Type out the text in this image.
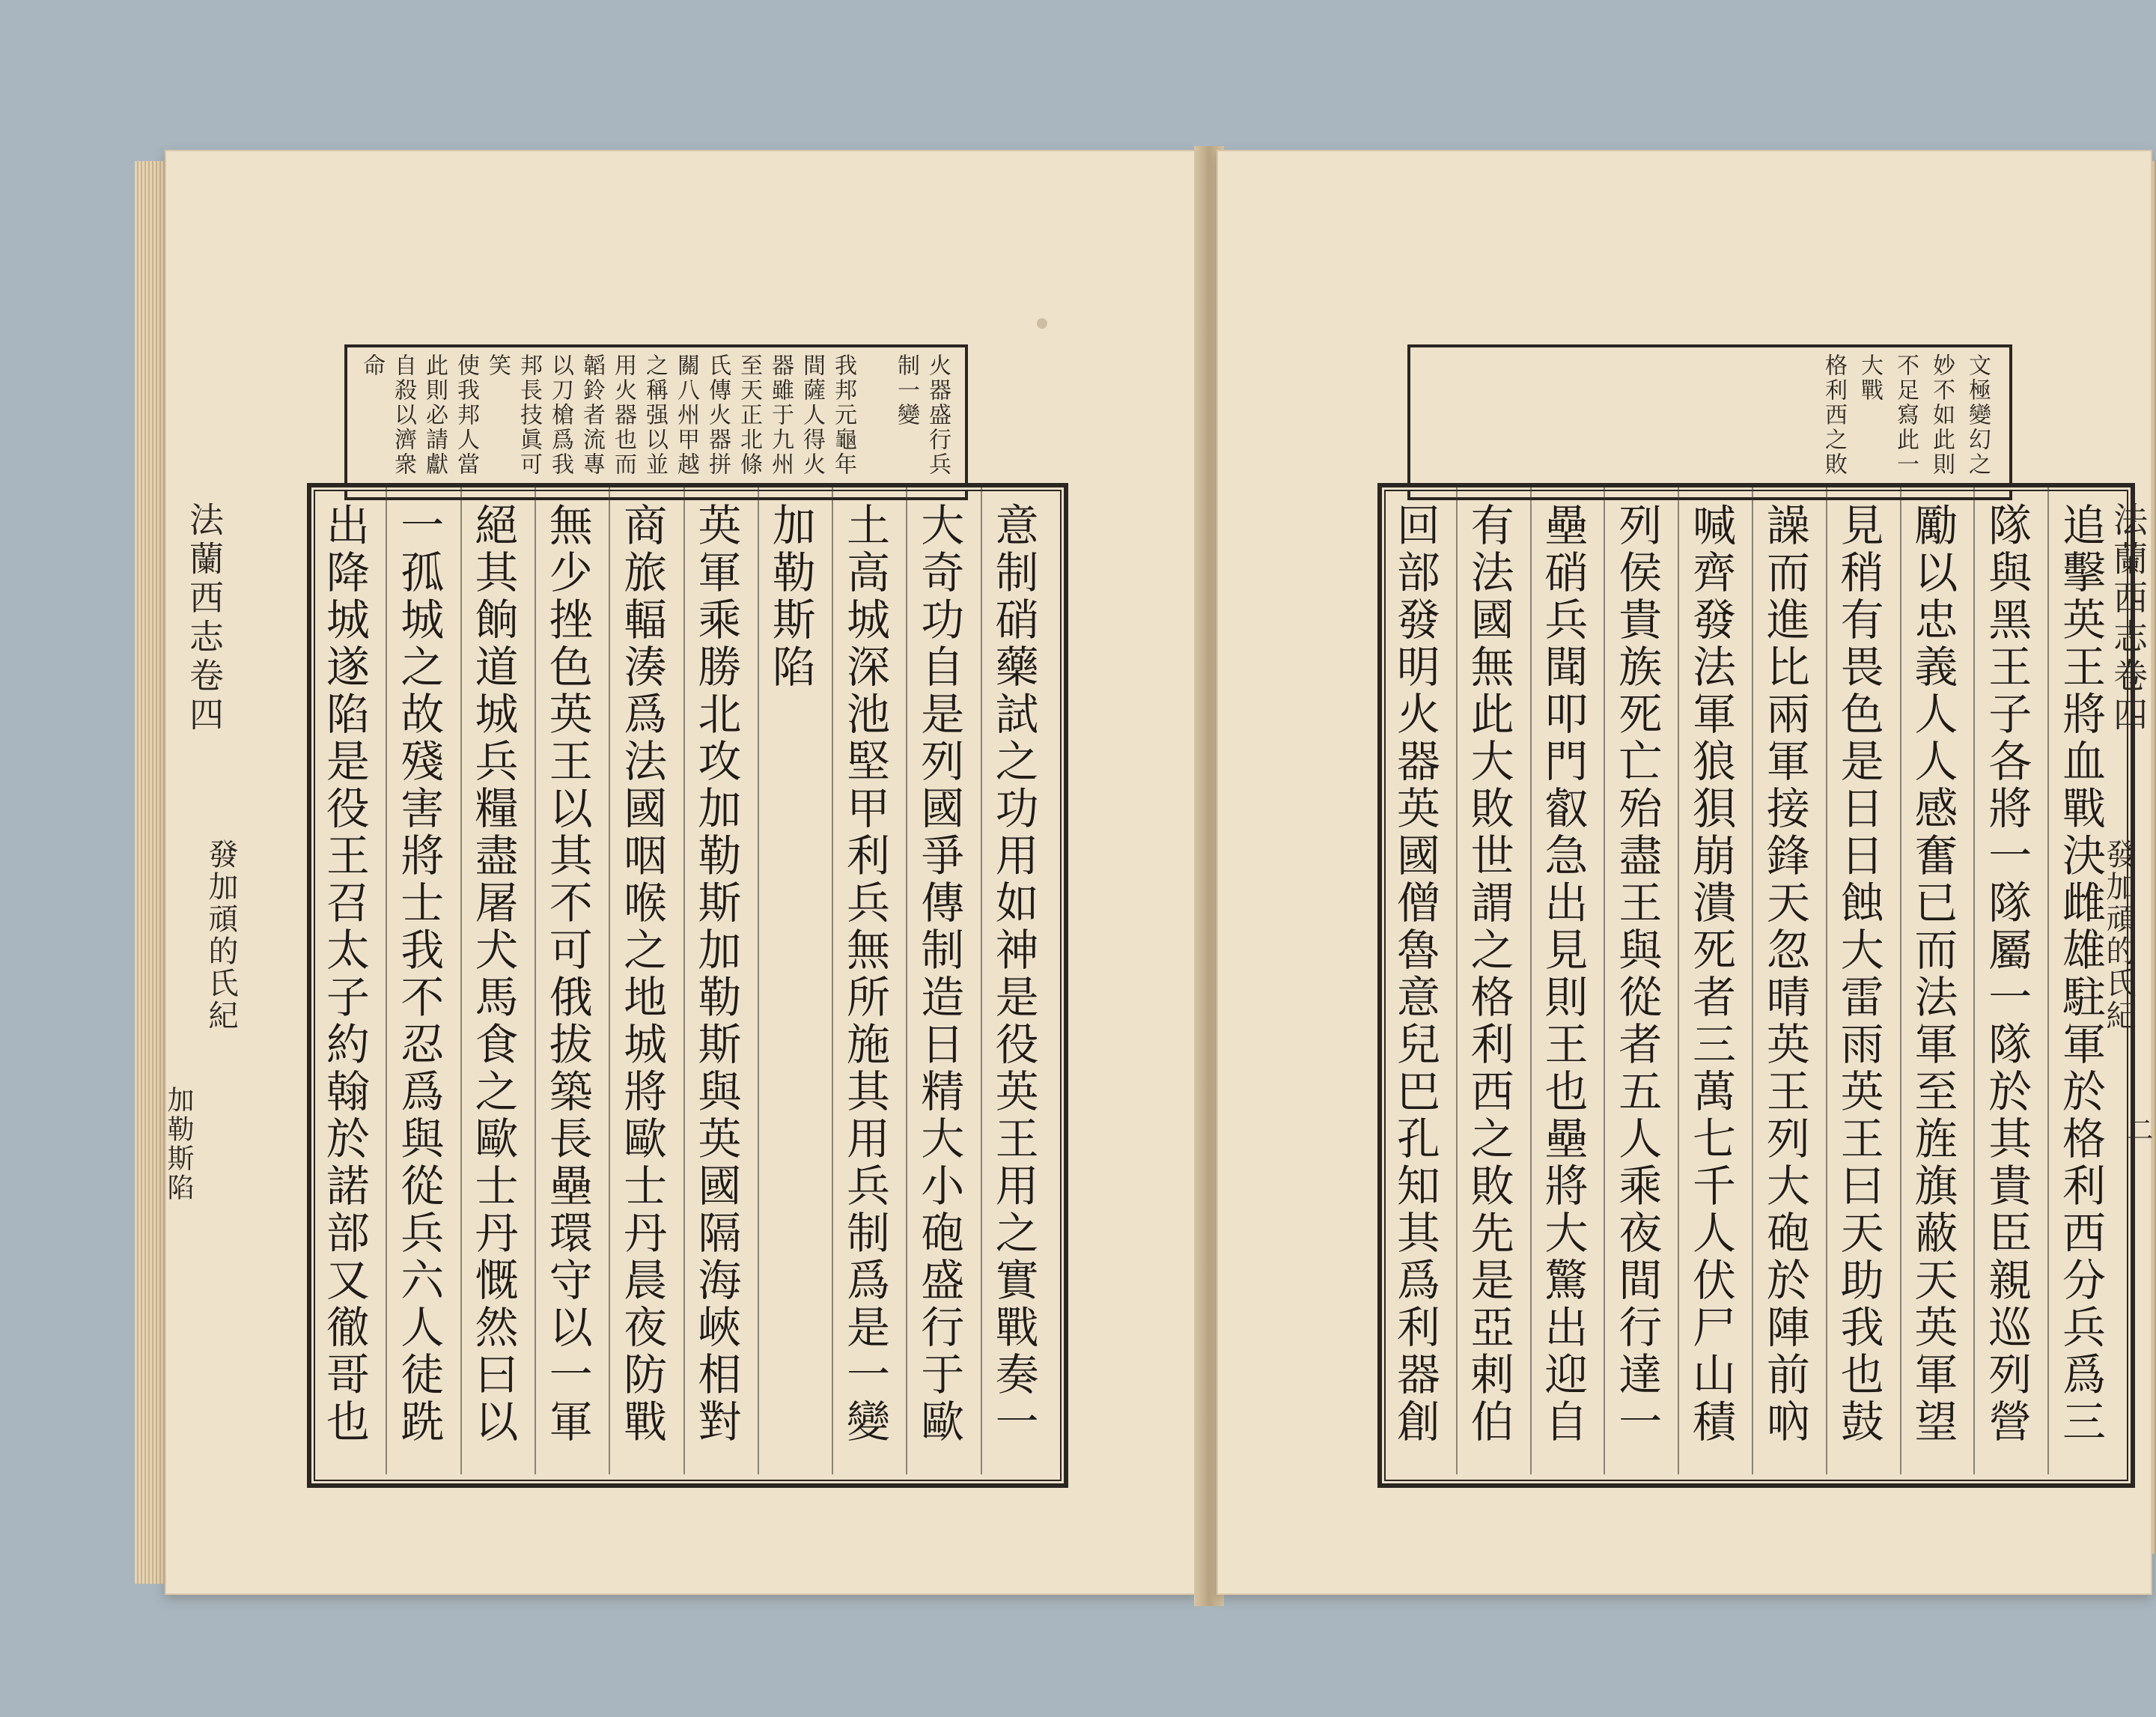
火器盛行兵
制一變
我邦元龜年
間薩人得火
器雖于九州
至天正北條
氏傳火器拼
關八州甲越
之稱强以並
用火器也而
韜鈴者流專
以刀槍爲我
邦長技眞可
笑
使我邦人當
此則必請獻
自殺以濟衆
命
意制硝藥試之功用如神是役英王用之實戰奏一
大奇功自是列國爭傳制造日精大小砲盛行于歐
土高城深池堅甲利兵無所施其用兵制爲是一變
加勒斯陷
英軍乘勝北攻加勒斯加勒斯與英國隔海峽相對
商旅輻湊爲法國咽喉之地城將歐士丹晨夜防戰
無少挫色英王以其不可俄拔築長壘環守以一軍
絕其餉道城兵糧盡屠犬馬食之歐士丹慨然曰以
一孤城之故殘害將士我不忍爲與從兵六人徒跣
出降城遂陷是役王召太子約翰於諾部又徹哥也
法蘭西志卷四
發加頑的氏紀
加勒斯陷
文極變幻之
妙不如此則
不足寫此一
大戰
格利西之敗
追擊英王將血戰決雌雄駐軍於格利西分兵爲三
隊與黑王子各將一隊屬一隊於其貴臣親巡列營
勵以忠義人人感奮已而法軍至旌旗蔽天英軍望
見稍有畏色是日日蝕大雷雨英王曰天助我也鼓
譟而進比兩軍接鋒天忽晴英王列大砲於陣前吶
喊齊發法軍狼狽崩潰死者三萬七千人伏尸山積
列侯貴族死亡殆盡王與從者五人乘夜間行達一
壘硝兵聞叩門叡急出見則王也壘將大驚出迎自
有法國無此大敗世謂之格利西之敗先是亞剌伯
回部發明火器英國僧魯意兒巴孔知其爲利器創	法蘭西志卷四
發加頑的氏紀
二
